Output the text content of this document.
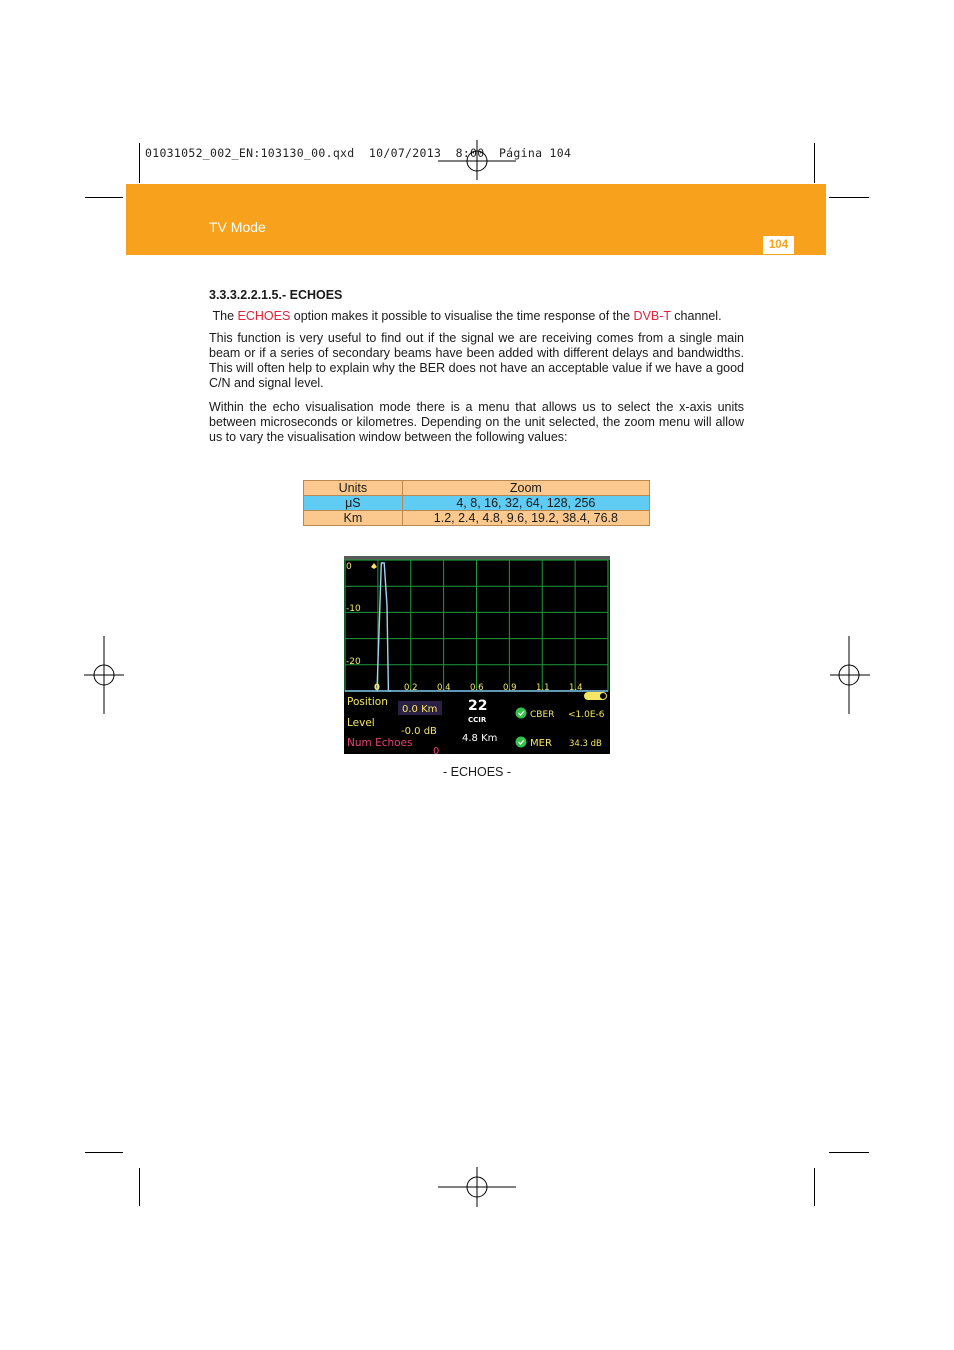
01031052_002_EN:103130_00.qxd  10/07/2013  8:00  Página 104
TV Mode
104
3.3.3.2.2.1.5.- ECHOES
The ECHOES option makes it possible to visualise the time response of the DVB-T channel.
This function is very useful to find out if the signal we are receiving comes from a single main beam or if a series of secondary beams have been added with different delays and bandwidths. This will often help to explain why the BER does not have an acceptable value if we have a good C/N and signal level.
Within the echo visualisation mode there is a menu that allows us to select the x-axis units between microseconds or kilometres. Depending on the unit selected, the zoom menu will allow us to vary the visualisation window between the following values:
Units	Zoom
μS	4, 8, 16, 32, 64, 128, 256
Km	1.2, 2.4, 4.8, 9.6, 19.2, 38.4, 76.8
0
-10
-20
0	0.2 0.4 0.6 0.9 1.1 1.4
Position
0.0 Km
Level
-0.0 dB
Num Echoes
0
22
CCIR
4.8 Km
CBER <1.0E-6
MER 34.3 dB
- ECHOES -
